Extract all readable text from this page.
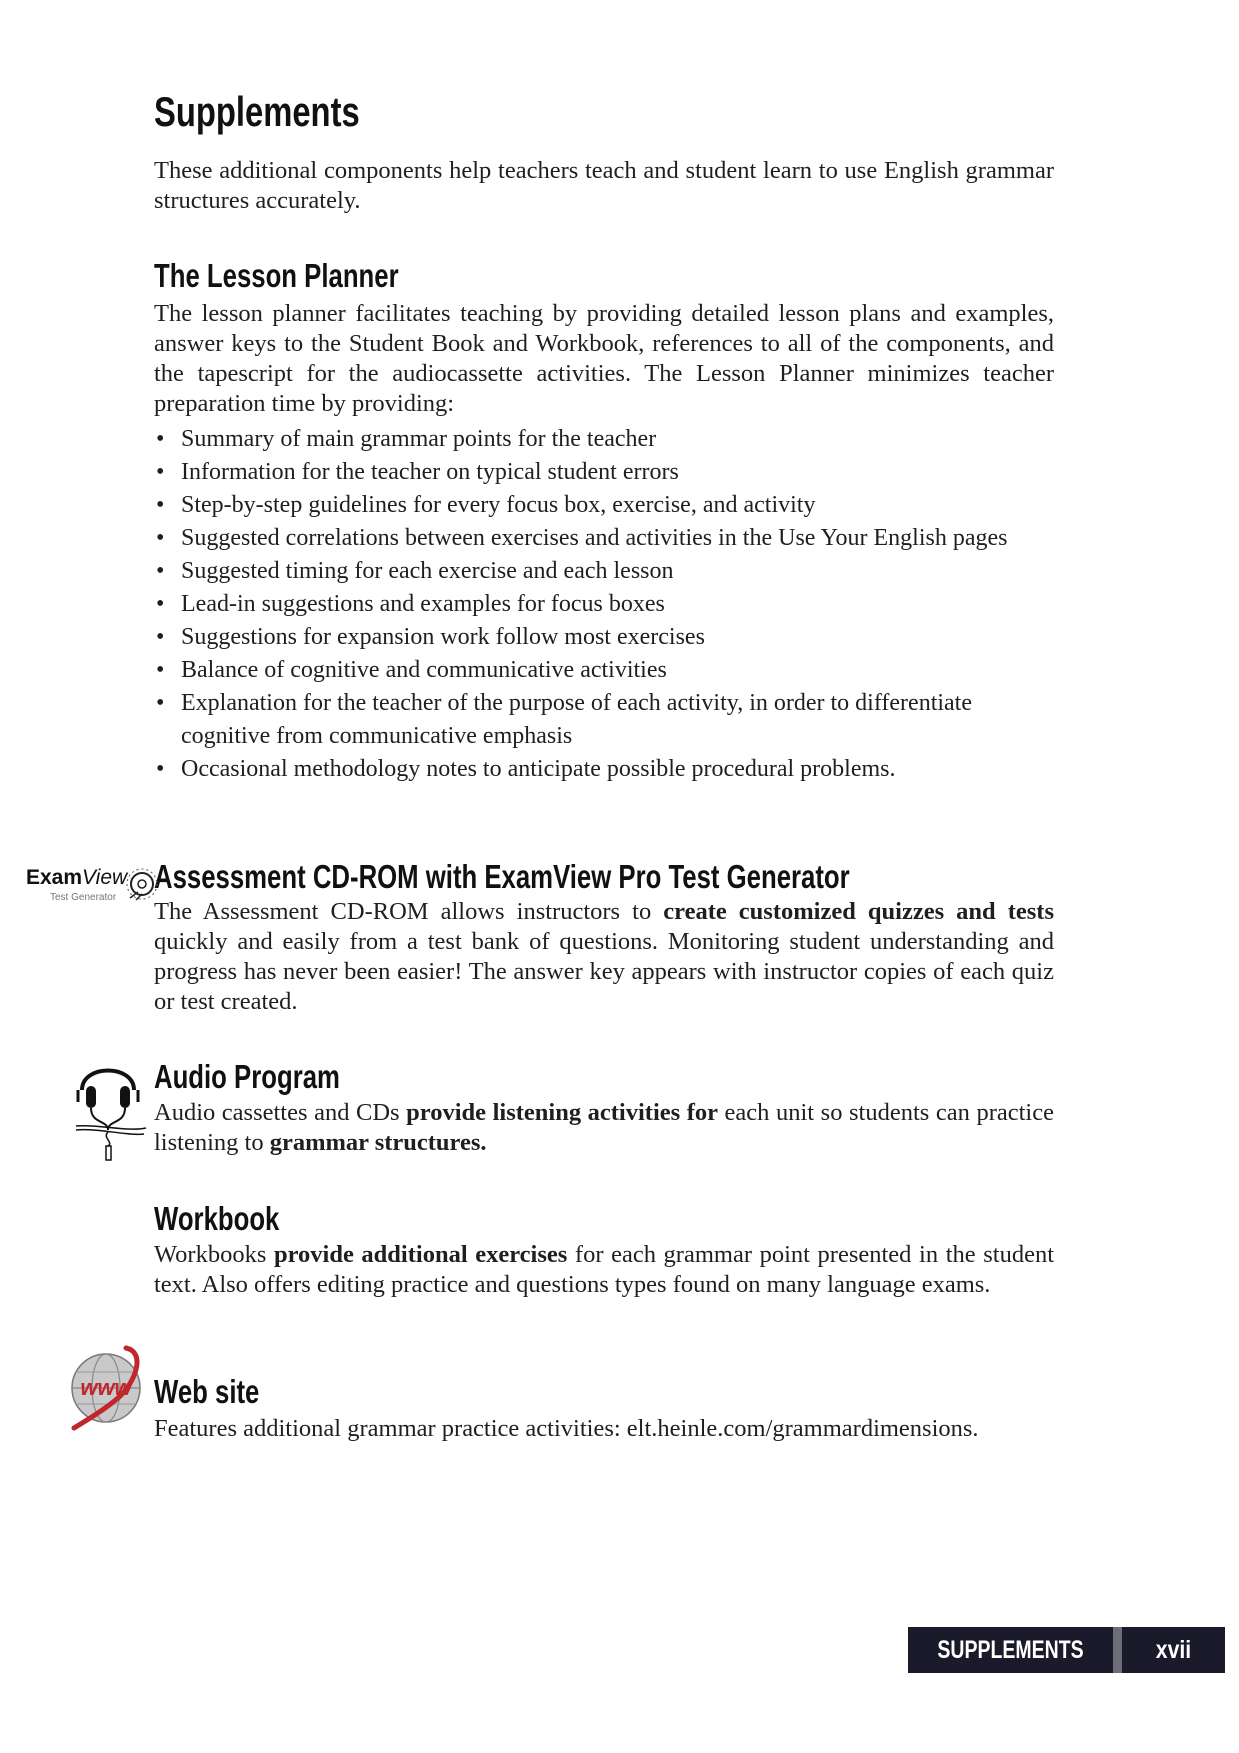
Supplements

These additional components help teachers teach and student learn to use English grammar structures accurately.

The Lesson Planner

The lesson planner facilitates teaching by providing detailed lesson plans and examples, answer keys to the Student Book and Workbook, references to all of the components, and the tapescript for the audiocassette activities. The Lesson Planner minimizes teacher preparation time by providing:

• Summary of main grammar points for the teacher
• Information for the teacher on typical student errors
• Step-by-step guidelines for every focus box, exercise, and activity
• Suggested correlations between exercises and activities in the Use Your English pages
• Suggested timing for each exercise and each lesson
• Lead-in suggestions and examples for focus boxes
• Suggestions for expansion work follow most exercises
• Balance of cognitive and communicative activities
• Explanation for the teacher of the purpose of each activity, in order to differentiate cognitive from communicative emphasis
• Occasional methodology notes to anticipate possible procedural problems.
Assessment CD-ROM with ExamView Pro Test Generator

The Assessment CD-ROM allows instructors to create customized quizzes and tests quickly and easily from a test bank of questions. Monitoring student understanding and progress has never been easier! The answer key appears with instructor copies of each quiz or test created.

Audio Program

Audio cassettes and CDs provide listening activities for each unit so students can practice listening to grammar structures.

Workbook

Workbooks provide additional exercises for each grammar point presented in the student text. Also offers editing practice and questions types found on many language exams.

Web site

Features additional grammar practice activities: elt.heinle.com/grammardimensions.

ExamView
Test Generator
www
SUPPLEMENTS	xvii
